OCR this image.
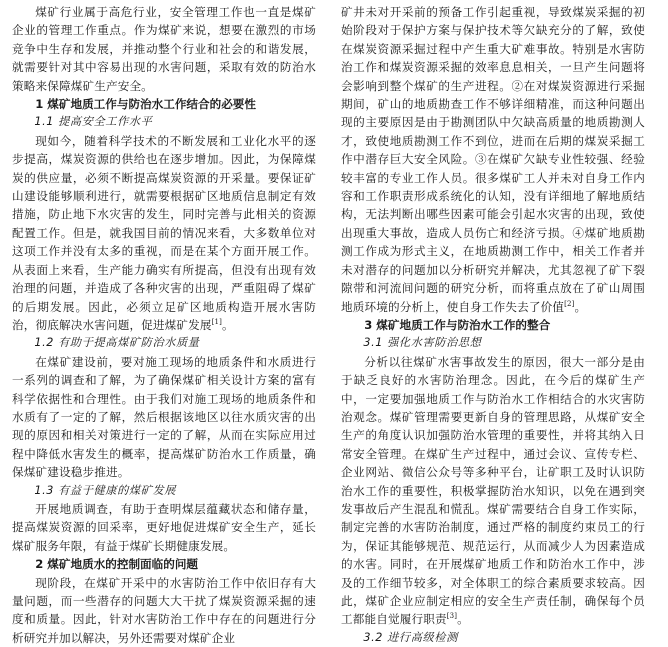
煤矿行业属于高危行业，安全管理工作也一直是煤矿企业的管理工作重点。作为煤矿来说，想要在激烈的市场竞争中生存和发展，并推动整个行业和社会的和谐发展，就需要针对其中容易出现的水害问题，采取有效的防治水策略来保障煤矿生产安全。

1 煤矿地质工作与防治水工作结合的必要性
1.1 提高安全工作水平

现如今，随着科学技术的不断发展和工业化水平的逐步提高，煤炭资源的供给也在逐步增加。因此，为保障煤炭的供应量，必须不断提高煤炭资源的开采量。要保证矿山建设能够顺利进行，就需要根据矿区地质信息制定有效措施，防止地下水灾害的发生，同时完善与此相关的资源配置工作。但是，就我国目前的情况来看，大多数单位对这项工作并没有太多的重视，而是在某个方面开展工作。从表面上来看，生产能力确实有所提高，但没有出现有效治理的问题，并造成了各种灾害的出现，严重阻碍了煤矿的后期发展。因此，必须立足矿区地质构造开展水害防治，彻底解决水害问题，促进煤矿发展[1]。

1.2 有助于提高煤矿防治水质量

在煤矿建设前，要对施工现场的地质条件和水质进行一系列的调查和了解，为了确保煤矿相关设计方案的富有科学依据性和合理性。由于我们对施工现场的地质条件和水质有了一定的了解，然后根据该地区以往水质灾害的出现的原因和相关对策进行一定的了解，从而在实际应用过程中降低水害发生的概率，提高煤矿防治水工作质量，确保煤矿建设稳步推进。

1.3 有益于健康的煤矿发展

开展地质调查，有助于查明煤层蕴藏状态和储存量，提高煤炭资源的回采率，更好地促进煤矿安全生产，延长煤矿服务年限，有益于煤矿长期健康发展。

2 煤矿地质水的控制面临的问题

现阶段，在煤矿开采中的水害防治工作中依旧存有大量问题，而一些潜存的问题大大干扰了煤炭资源采掘的速度和质量。因此，针对水害防治工作中存在的问题进行分析研究并加以解决，另外还需要对煤矿企业

矿井未对开采前的预备工作引起重视，导致煤炭采掘的初始阶段对于保护方案与保护技术等欠缺充分的了解，致使在煤炭资源采掘过程中产生重大矿难事故。特别是水害防治工作和煤炭资源采掘的效率息息相关，一旦产生问题将会影响到整个煤矿的生产进程。②在对煤炭资源进行采掘期间，矿山的地质勘查工作不够详细精准，而这种问题出现的主要原因是由于勘测团队中欠缺高质量的地质勘测人才，致使地质勘测工作不到位，进而在后期的煤炭采掘工作中潜存巨大安全风险。③在煤矿欠缺专业性较强、经验较丰富的专业工作人员。很多煤矿工人并未对自身工作内容和工作职责形成系统化的认知，没有详细地了解地质结构，无法判断出哪些因素可能会引起水灾害的出现，致使出现重大事故，造成人员伤亡和经济亏损。④煤矿地质勘测工作成为形式主义，在地质勘测工作中，相关工作者并未对潜存的问题加以分析研究并解决，尤其忽视了矿下裂隙带和河流间问题的研究分析，而将重点放在了矿山周围地质环境的分析上，使自身工作失去了价值[2]。

3 煤矿地质工作与防治水工作的整合
3.1 强化水害防治思想

分析以往煤矿水害事故发生的原因，很大一部分是由于缺乏良好的水害防治理念。因此，在今后的煤矿生产中，一定要加强地质工作与防治水工作相结合的水灾害防治观念。煤矿管理需要更新自身的管理思路，从煤矿安全生产的角度认识加强防治水管理的重要性，并将其纳入日常安全管理。在煤矿生产过程中，通过会议、宣传专栏、企业网站、微信公众号等多种平台，让矿职工及时认识防治水工作的重要性，积极掌握防治水知识，以免在遇到突发事故后产生混乱和慌乱。煤矿需要结合自身工作实际，制定完善的水害防治制度，通过严格的制度约束员工的行为，保证其能够规范、规范运行，从而减少人为因素造成的水害。同时，在开展煤矿地质工作和防治水工作中，涉及的工作细节较多，对全体职工的综合素质要求较高。因此，煤矿企业应制定相应的安全生产责任制，确保每个员工都能自觉履行职责[3]。

3.2 进行高级检测
